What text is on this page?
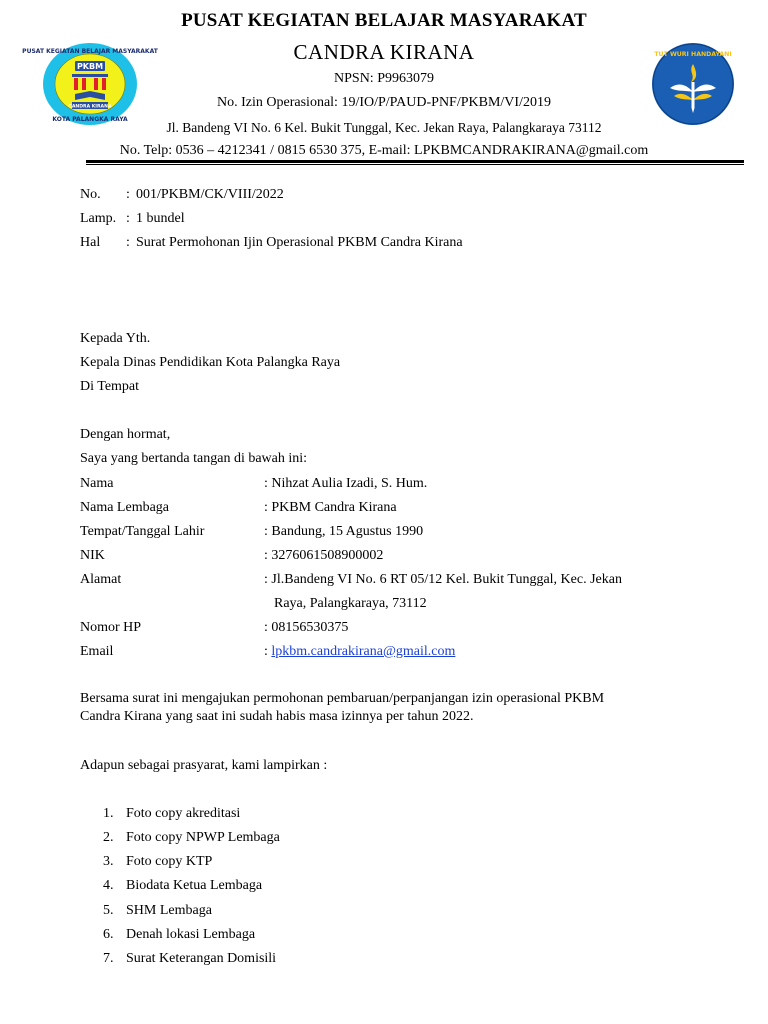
PUSAT KEGIATAN BELAJAR MASYARAKAT
KOTA PALANGKA RAYA
PKBM
CANDRA KIRANA
TUT WURI HANDAYANI
PUSAT KEGIATAN BELAJAR MASYARAKAT
CANDRA KIRANA
NPSN: P9963079
No. Izin Operasional: 19/IO/P/PAUD-PNF/PKBM/VI/2019
Jl. Bandeng VI No. 6 Kel. Bukit Tunggal, Kec. Jekan Raya, Palangkaraya 73112
No. Telp: 0536 – 4212341 / 0815 6530 375, E-mail: LPKBMCANDRAKIRANA@gmail.com
No. : 001/PKBM/CK/VIII/2022
Lamp. : 1 bundel
Hal : Surat Permohonan Ijin Operasional PKBM Candra Kirana
Kepada Yth.
Kepala Dinas Pendidikan Kota Palangka Raya
Di Tempat
Dengan hormat,
Saya yang bertanda tangan di bawah ini:
Nama	: Nihzat Aulia Izadi, S. Hum.
Nama Lembaga	: PKBM Candra Kirana
Tempat/Tanggal Lahir	: Bandung, 15 Agustus 1990
NIK	: 3276061508900002
Alamat	: Jl.Bandeng VI No. 6 RT 05/12 Kel. Bukit Tunggal, Kec. Jekan
Raya, Palangkaraya, 73112
Nomor HP	: 08156530375
Email	: lpkbm.candrakirana@gmail.com
Bersama surat ini mengajukan permohonan pembaruan/perpanjangan izin operasional PKBM
Candra Kirana yang saat ini sudah habis masa izinnya per tahun 2022.
Adapun sebagai prasyarat, kami lampirkan :
1. Foto copy akreditasi
2. Foto copy NPWP Lembaga
3. Foto copy KTP
4. Biodata Ketua Lembaga
5. SHM Lembaga
6. Denah lokasi Lembaga
7. Surat Keterangan Domisili
